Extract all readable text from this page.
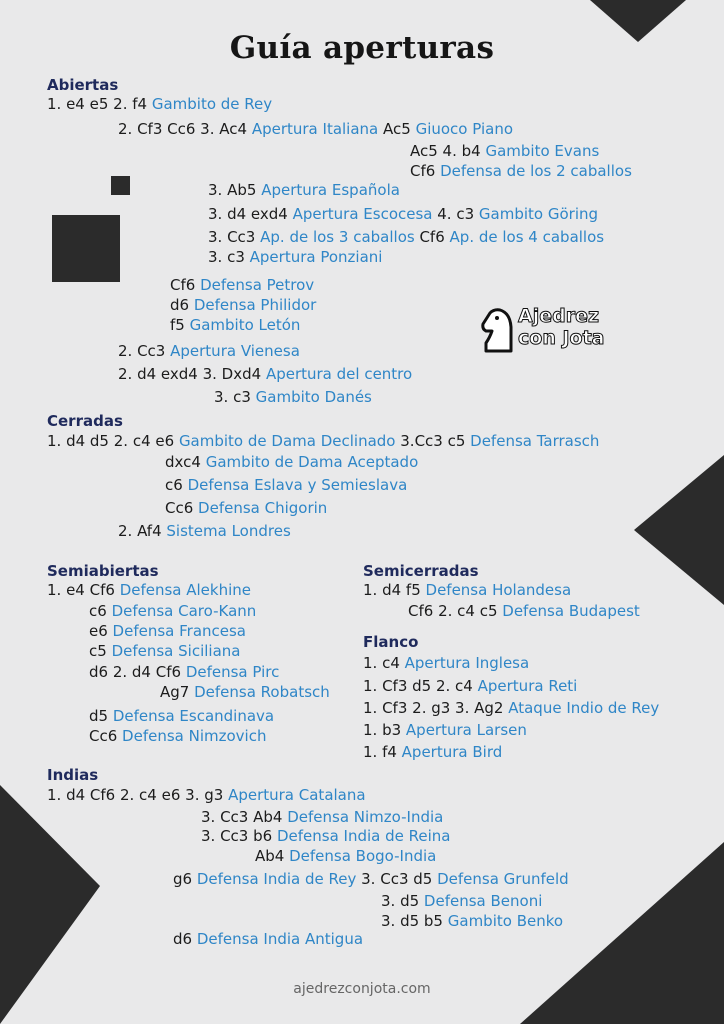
Guía aperturas
Ajedrez
con Jota
Abiertas
Cerradas
Semiabiertas	Semicerradas
Flanco
Indias

1. e4 e5 2. f4 Gambito de Rey

2. Cf3 Cc6 3. Ac4 Apertura Italiana Ac5 Giuoco Piano

Ac5 4. b4 Gambito Evans

Cf6 Defensa de los 2 caballos

3. Ab5 Apertura Española

3. d4 exd4 Apertura Escocesa 4. c3 Gambito Göring

3. Cc3 Ap. de los 3 caballos Cf6 Ap. de los 4 caballos

3. c3 Apertura Ponziani

Cf6 Defensa Petrov

d6 Defensa Philidor

f5 Gambito Letón

2. Cc3 Apertura Vienesa

2. d4 exd4 3. Dxd4 Apertura del centro

3. c3 Gambito Danés

1. d4 d5 2. c4 e6 Gambito de Dama Declinado 3.Cc3 c5 Defensa Tarrasch

dxc4 Gambito de Dama Aceptado

c6 Defensa Eslava y Semieslava

Cc6 Defensa Chigorin

2. Af4 Sistema Londres

1. e4 Cf6 Defensa Alekhine

c6 Defensa Caro-Kann

e6 Defensa Francesa

c5 Defensa Siciliana

d6 2. d4 Cf6 Defensa Pirc

Ag7 Defensa Robatsch

d5 Defensa Escandinava

Cc6 Defensa Nimzovich

1. d4 f5 Defensa Holandesa

Cf6 2. c4 c5 Defensa Budapest

1. c4 Apertura Inglesa

1. Cf3 d5 2. c4 Apertura Reti

1. Cf3 2. g3 3. Ag2 Ataque Indio de Rey

1. b3 Apertura Larsen

1. f4 Apertura Bird

1. d4 Cf6 2. c4 e6 3. g3 Apertura Catalana

3. Cc3 Ab4 Defensa Nimzo-India

3. Cc3 b6 Defensa India de Reina

Ab4 Defensa Bogo-India

g6 Defensa India de Rey 3. Cc3 d5 Defensa Grunfeld

3. d5 Defensa Benoni

3. d5 b5 Gambito Benko

d6 Defensa India Antigua

ajedrezconjota.com
